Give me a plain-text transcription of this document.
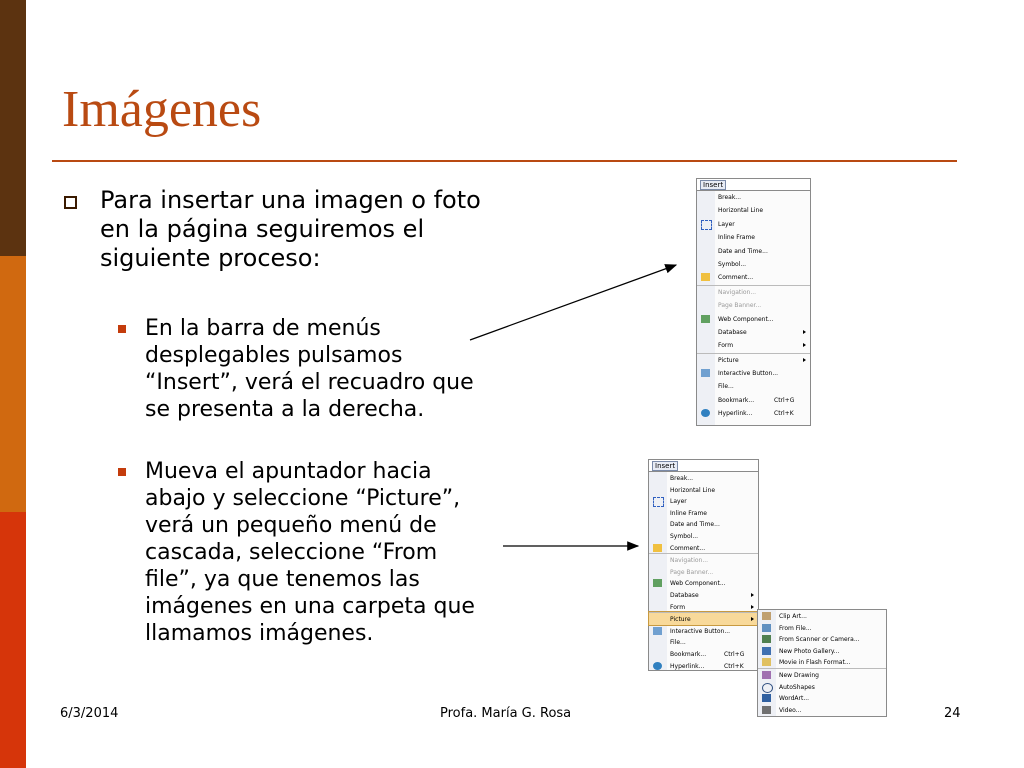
Imágenes
Para insertar una imagen o foto en la página seguiremos el siguiente proceso:
En la barra de menús desplegables pulsamos “Insert”, verá el recuadro que se presenta a la derecha.
Mueva el apuntador hacia abajo y seleccione “Picture”, verá un pequeño menú de cascada, seleccione “From file”, ya que tenemos las imágenes en una carpeta que llamamos imágenes.
Insert
Break...
Horizontal Line
Layer
Inline Frame
Date and Time...
Symbol...
Comment...
Navigation...
Page Banner...
Web Component...
Database
Form
Picture
Interactive Button...
File...
Bookmark...	Ctrl+G
Hyperlink...	Ctrl+K
Insert
Break...
Horizontal Line
Layer
Inline Frame
Date and Time...
Symbol...
Comment...
Navigation...
Page Banner...
Web Component...
Database
Form
Picture
Interactive Button...
File...
Bookmark...	Ctrl+G
Hyperlink...	Ctrl+K
Clip Art...
From File...
From Scanner or Camera...
New Photo Gallery...
Movie in Flash Format...
New Drawing
AutoShapes
WordArt...
Video...
6/3/2014	Profa. María G. Rosa	24
